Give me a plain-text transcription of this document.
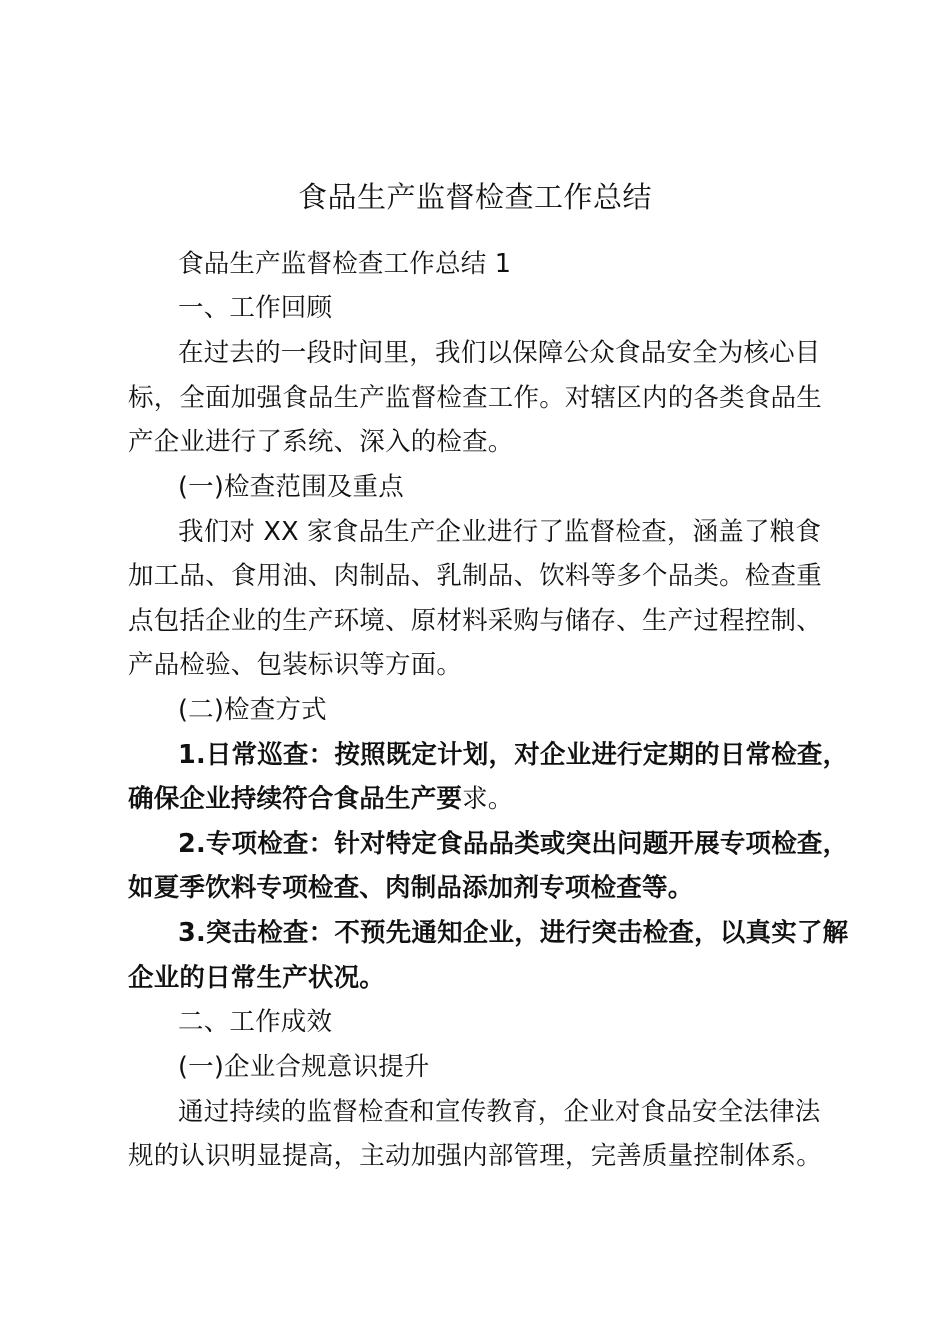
食品生产监督检查工作总结
食品生产监督检查工作总结 1
一、工作回顾
在过去的一段时间里，我们以保障公众食品安全为核心目
标，全面加强食品生产监督检查工作。对辖区内的各类食品生
产企业进行了系统、深入的检查。
(一)检查范围及重点
我们对 XX 家食品生产企业进行了监督检查，涵盖了粮食
加工品、食用油、肉制品、乳制品、饮料等多个品类。检查重
点包括企业的生产环境、原材料采购与储存、生产过程控制、
产品检验、包装标识等方面。
(二)检查方式
1.日常巡查：按照既定计划，对企业进行定期的日常检查，
确保企业持续符合食品生产要求。
2.专项检查：针对特定食品品类或突出问题开展专项检查，
如夏季饮料专项检查、肉制品添加剂专项检查等。
3.突击检查：不预先通知企业，进行突击检查，以真实了解
企业的日常生产状况。
二、工作成效
(一)企业合规意识提升
通过持续的监督检查和宣传教育，企业对食品安全法律法
规的认识明显提高，主动加强内部管理，完善质量控制体系。
